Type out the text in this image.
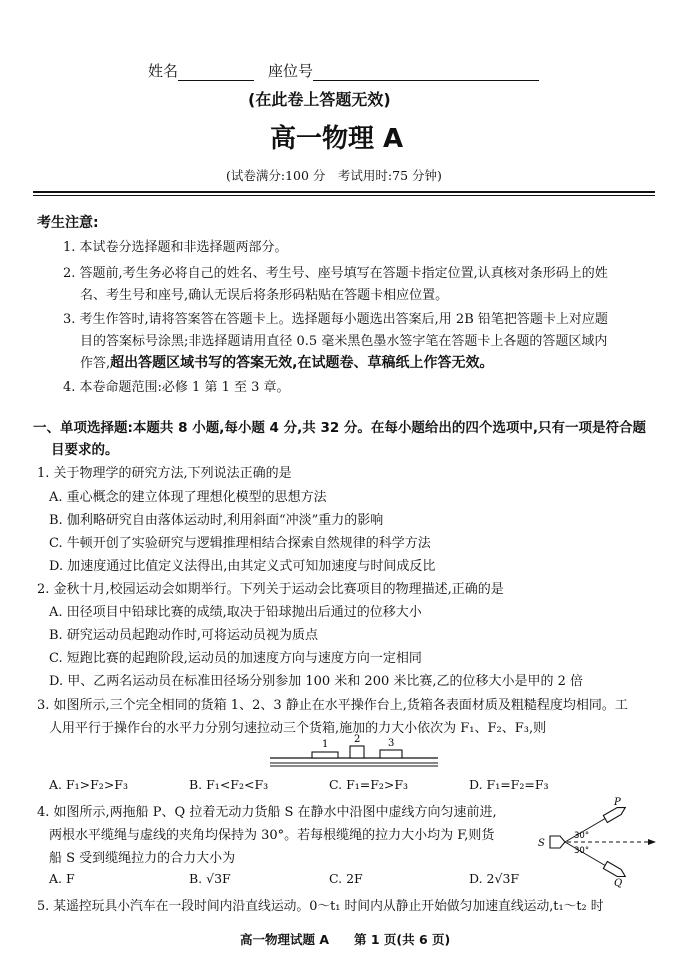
姓名	座位号
(在此卷上答题无效)
高一物理 A
(试卷满分:100 分　考试用时:75 分钟)
考生注意:
1. 本试卷分选择题和非选择题两部分。
2. 答题前,考生务必将自己的姓名、考生号、座号填写在答题卡指定位置,认真核对条形码上的姓
名、考生号和座号,确认无误后将条形码粘贴在答题卡相应位置。
3. 考生作答时,请将答案答在答题卡上。选择题每小题选出答案后,用 2B 铅笔把答题卡上对应题
目的答案标号涂黑;非选择题请用直径 0.5 毫米黑色墨水签字笔在答题卡上各题的答题区域内
作答,超出答题区域书写的答案无效,在试题卷、草稿纸上作答无效。
4. 本卷命题范围:必修 1 第 1 至 3 章。
一、单项选择题:本题共 8 小题,每小题 4 分,共 32 分。在每小题给出的四个选项中,只有一项是符合题
目要求的。
1. 关于物理学的研究方法,下列说法正确的是
A. 重心概念的建立体现了理想化模型的思想方法
B. 伽利略研究自由落体运动时,利用斜面“冲淡”重力的影响
C. 牛顿开创了实验研究与逻辑推理相结合探索自然规律的科学方法
D. 加速度通过比值定义法得出,由其定义式可知加速度与时间成反比
2. 金秋十月,校园运动会如期举行。下列关于运动会比赛项目的物理描述,正确的是
A. 田径项目中铅球比赛的成绩,取决于铅球抛出后通过的位移大小
B. 研究运动员起跑动作时,可将运动员视为质点
C. 短跑比赛的起跑阶段,运动员的加速度方向与速度方向一定相同
D. 甲、乙两名运动员在标准田径场分别参加 100 米和 200 米比赛,乙的位移大小是甲的 2 倍
3. 如图所示,三个完全相同的货箱 1、2、3 静止在水平操作台上,货箱各表面材质及粗糙程度均相同。工
人用平行于操作台的水平力分别匀速拉动三个货箱,施加的力大小依次为 F₁、F₂、F₃,则
1	2	3
A. F₁>F₂>F₃	B. F₁<F₂<F₃	C. F₁=F₂>F₃	D. F₁=F₂=F₃
4. 如图所示,两拖船 P、Q 拉着无动力货船 S 在静水中沿图中虚线方向匀速前进,
两根水平缆绳与虚线的夹角均保持为 30°。若每根缆绳的拉力大小均为 F,则货
船 S 受到缆绳拉力的合力大小为
P
Q
S
30°
30°
A. F	B. √3F	C. 2F	D. 2√3F
5. 某遥控玩具小汽车在一段时间内沿直线运动。0～t₁ 时间内从静止开始做匀加速直线运动,t₁～t₂ 时
高一物理试题 A　　第 1 页(共 6 页)
